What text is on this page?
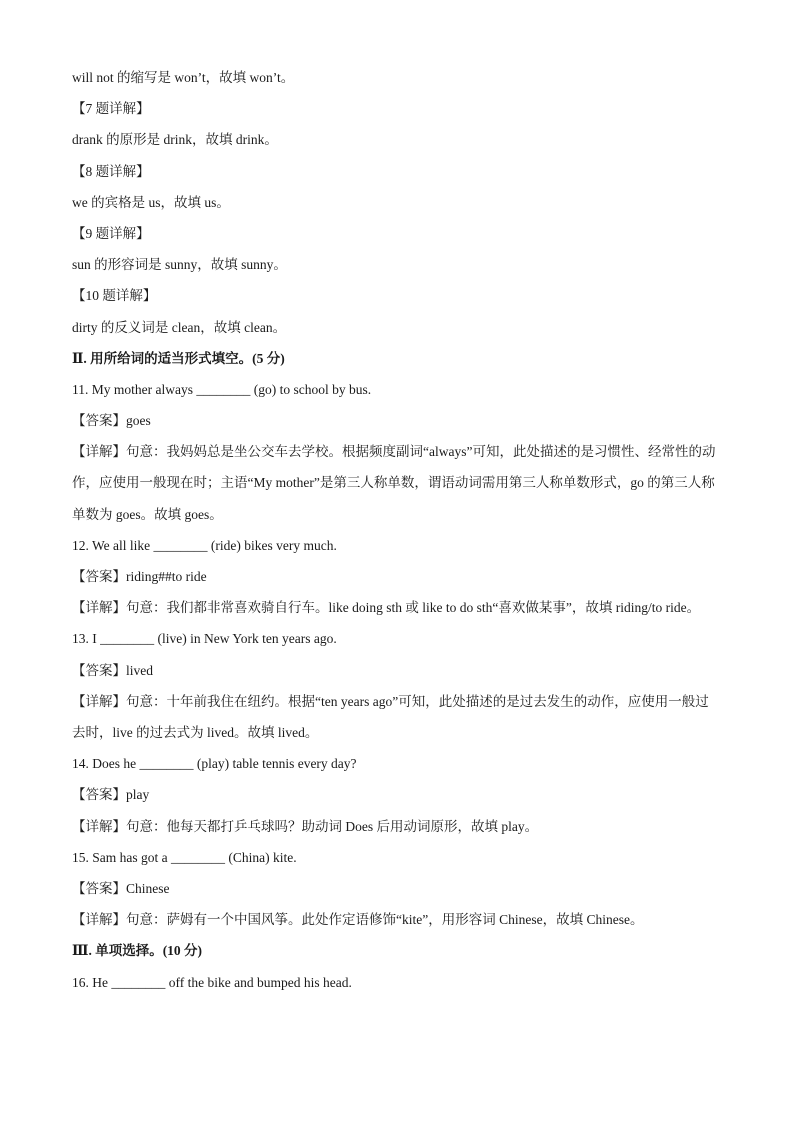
will not 的缩写是 won’t，故填 won’t。
【7 题详解】
drank 的原形是 drink，故填 drink。
【8 题详解】
we 的宾格是 us，故填 us。
【9 题详解】
sun 的形容词是 sunny，故填 sunny。
【10 题详解】
dirty 的反义词是 clean，故填 clean。
Ⅱ. 用所给词的适当形式填空。(5 分)
11. My mother always ________ (go) to school by bus.
【答案】goes
【详解】句意：我妈妈总是坐公交车去学校。根据频度副词“always”可知，此处描述的是习惯性、经常性的动作，应使用一般现在时；主语“My mother”是第三人称单数，谓语动词需用第三人称单数形式，go 的第三人称单数为 goes。故填 goes。
12. We all like ________ (ride) bikes very much.
【答案】riding##to ride
【详解】句意：我们都非常喜欢骑自行车。like doing sth 或 like to do sth“喜欢做某事”，故填 riding/to ride。
13. I ________ (live) in New York ten years ago.
【答案】lived
【详解】句意：十年前我住在纽约。根据“ten years ago”可知，此处描述的是过去发生的动作，应使用一般过去时，live 的过去式为 lived。故填 lived。
14. Does he ________ (play) table tennis every day?
【答案】play
【详解】句意：他每天都打乒乓球吗？助动词 Does 后用动词原形，故填 play。
15. Sam has got a ________ (China) kite.
【答案】Chinese
【详解】句意：萨姆有一个中国风筝。此处作定语修饰“kite”，用形容词 Chinese，故填 Chinese。
Ⅲ. 单项选择。(10 分)
16. He ________ off the bike and bumped his head.
